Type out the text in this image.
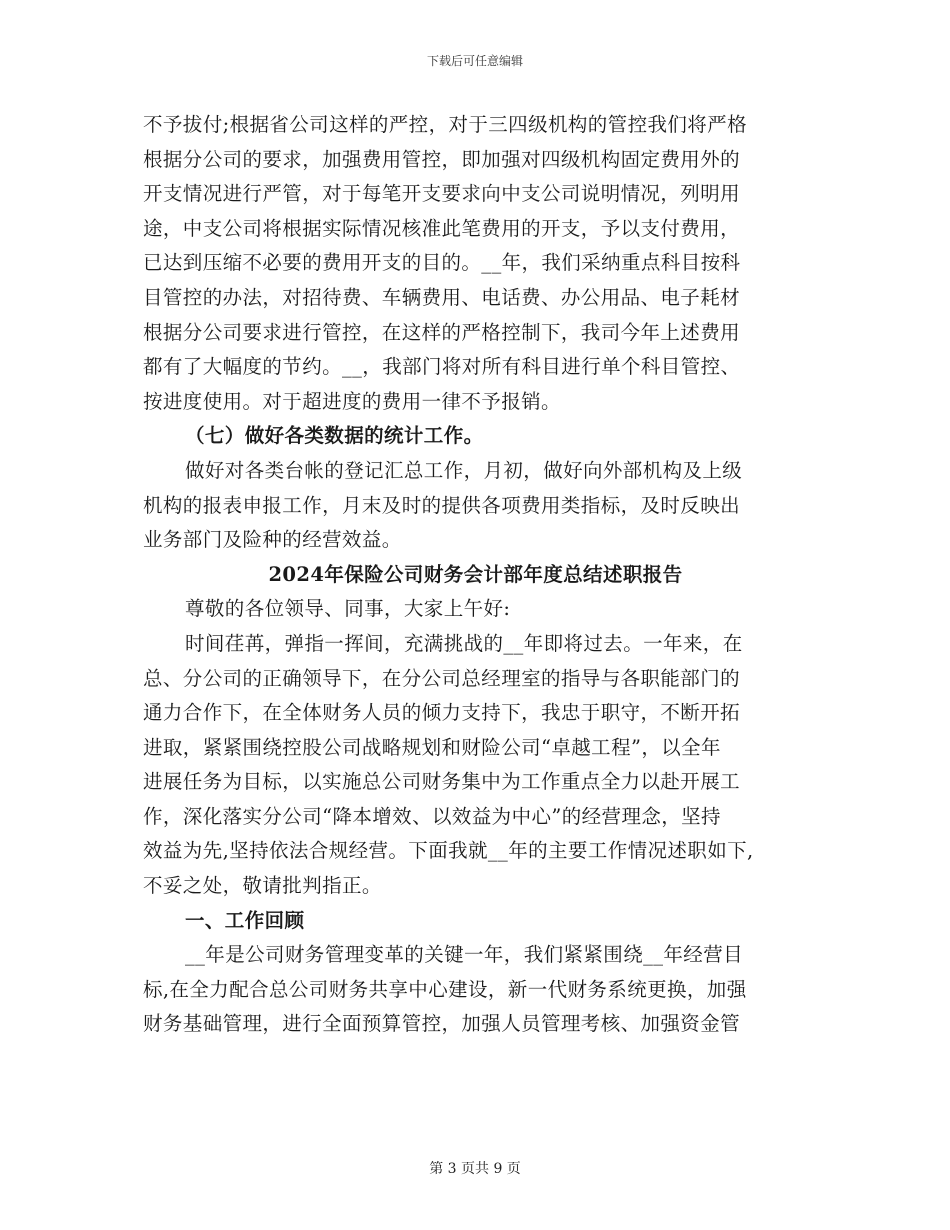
下载后可任意编辑
不予拔付;根据省公司这样的严控，对于三四级机构的管控我们将严格
根据分公司的要求，加强费用管控，即加强对四级机构固定费用外的
开支情况进行严管，对于每笔开支要求向中支公司说明情况，列明用
途，中支公司将根据实际情况核准此笔费用的开支，予以支付费用，
已达到压缩不必要的费用开支的目的。__年，我们采纳重点科目按科
目管控的办法，对招待费、车辆费用、电话费、办公用品、电子耗材
根据分公司要求进行管控，在这样的严格控制下，我司今年上述费用
都有了大幅度的节约。__，我部门将对所有科目进行单个科目管控、
按进度使用。对于超进度的费用一律不予报销。
（七）做好各类数据的统计工作。
做好对各类台帐的登记汇总工作，月初，做好向外部机构及上级
机构的报表申报工作，月末及时的提供各项费用类指标，及时反映出
业务部门及险种的经营效益。
2024年保险公司财务会计部年度总结述职报告
尊敬的各位领导、同事，大家上午好:
时间荏苒，弹指一挥间，充满挑战的__年即将过去。一年来，在
总、分公司的正确领导下，在分公司总经理室的指导与各职能部门的
通力合作下，在全体财务人员的倾力支持下，我忠于职守，不断开拓
进取，紧紧围绕控股公司战略规划和财险公司“卓越工程”，以全年
进展任务为目标，以实施总公司财务集中为工作重点全力以赴开展工
作，深化落实分公司“降本增效、以效益为中心”的经营理念，坚持
效益为先,坚持依法合规经营。下面我就__年的主要工作情况述职如下,
不妥之处，敬请批判指正。
一、工作回顾
__年是公司财务管理变革的关键一年，我们紧紧围绕__年经营目
标,在全力配合总公司财务共享中心建设，新一代财务系统更换，加强
财务基础管理，进行全面预算管控，加强人员管理考核、加强资金管
第 3 页共 9 页
